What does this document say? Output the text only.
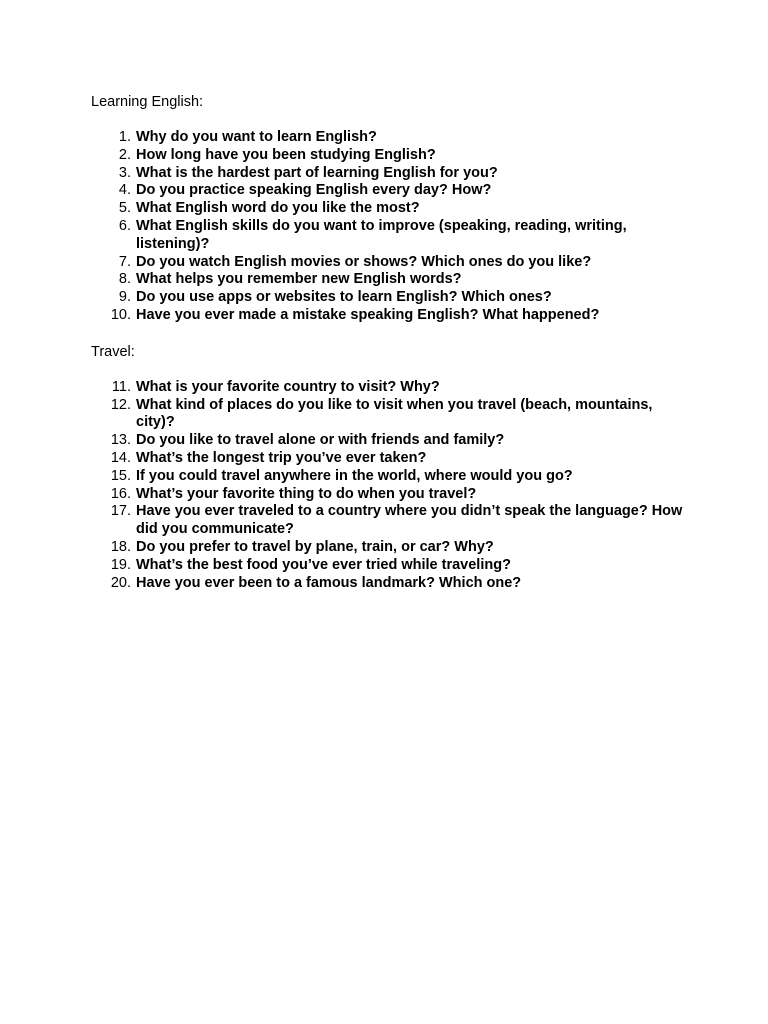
Learning English:

1. Why do you want to learn English?
2. How long have you been studying English?
3. What is the hardest part of learning English for you?
4. Do you practice speaking English every day? How?
5. What English word do you like the most?
6. What English skills do you want to improve (speaking, reading, writing, listening)?
7. Do you watch English movies or shows? Which ones do you like?
8. What helps you remember new English words?
9. Do you use apps or websites to learn English? Which ones?
10. Have you ever made a mistake speaking English? What happened?

Travel:

11. What is your favorite country to visit? Why?
12. What kind of places do you like to visit when you travel (beach, mountains, city)?
13. Do you like to travel alone or with friends and family?
14. What’s the longest trip you’ve ever taken?
15. If you could travel anywhere in the world, where would you go?
16. What’s your favorite thing to do when you travel?
17. Have you ever traveled to a country where you didn’t speak the language? How did you communicate?
18. Do you prefer to travel by plane, train, or car? Why?
19. What’s the best food you’ve ever tried while traveling?
20. Have you ever been to a famous landmark? Which one?
